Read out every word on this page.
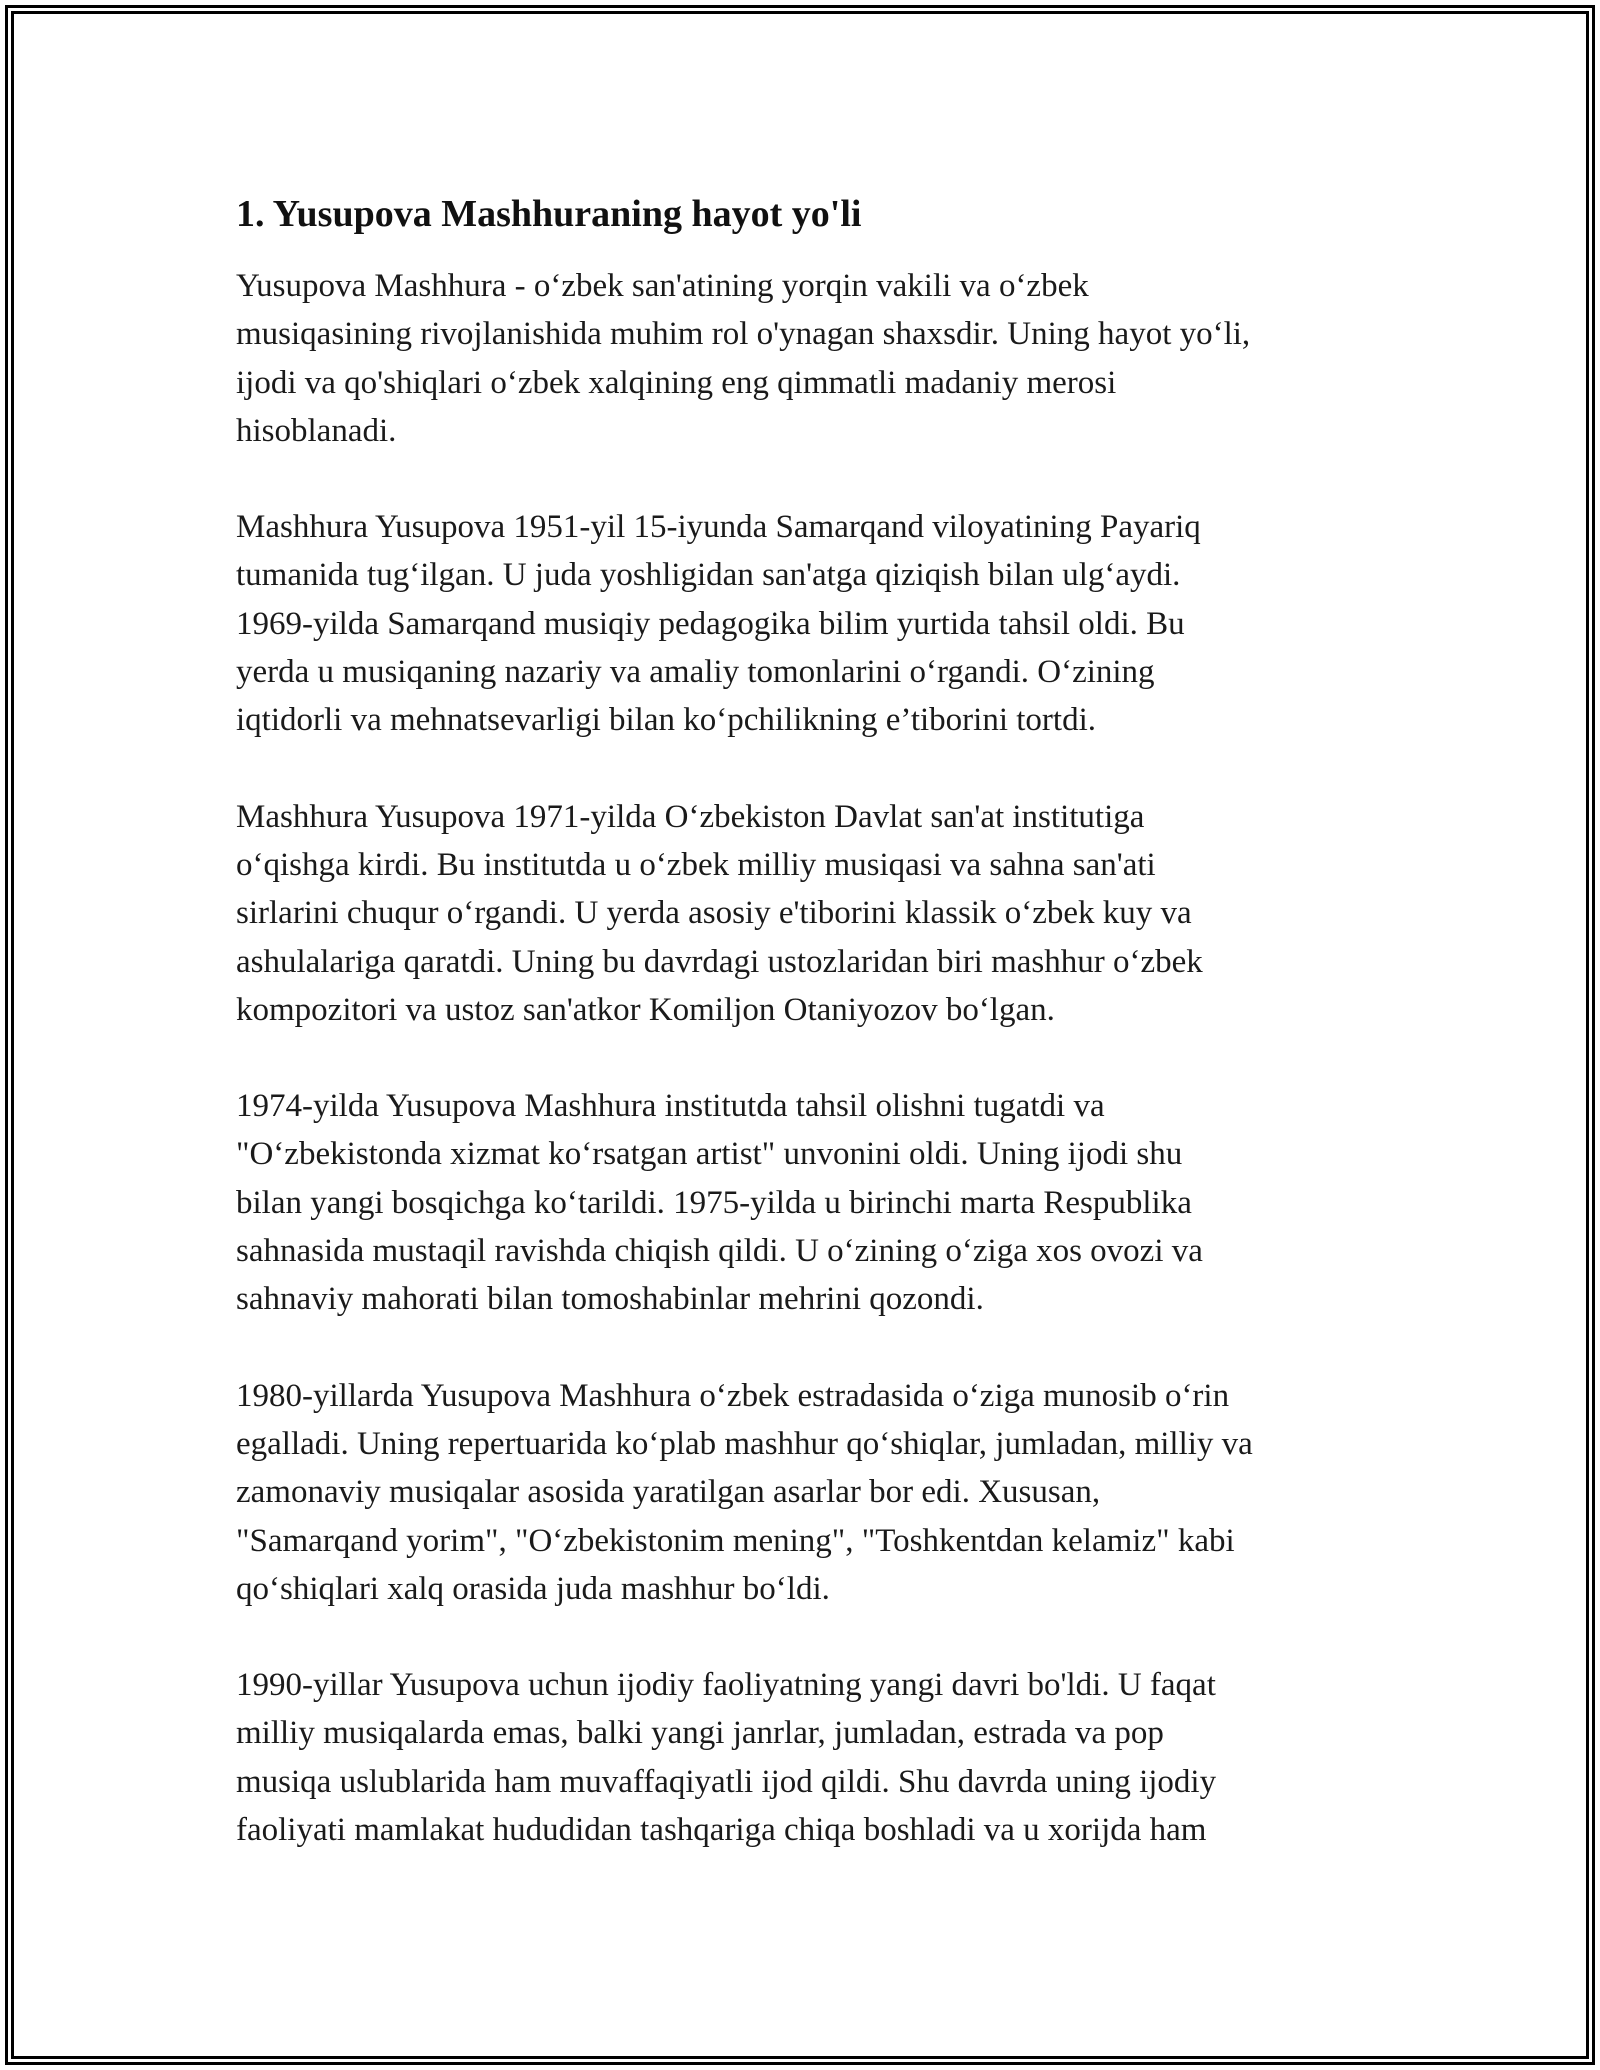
1. Yusupova Mashhuraning hayot yo'li

Yusupova Mashhura - o‘zbek san'atining yorqin vakili va o‘zbek
musiqasining rivojlanishida muhim rol o'ynagan shaxsdir. Uning hayot yo‘li,
ijodi va qo'shiqlari o‘zbek xalqining eng qimmatli madaniy merosi
hisoblanadi.

Mashhura Yusupova 1951-yil 15-iyunda Samarqand viloyatining Payariq
tumanida tug‘ilgan. U juda yoshligidan san'atga qiziqish bilan ulg‘aydi.
1969-yilda Samarqand musiqiy pedagogika bilim yurtida tahsil oldi. Bu
yerda u musiqaning nazariy va amaliy tomonlarini o‘rgandi. O‘zining
iqtidorli va mehnatsevarligi bilan ko‘pchilikning e’tiborini tortdi.

Mashhura Yusupova 1971-yilda O‘zbekiston Davlat san'at institutiga
o‘qishga kirdi. Bu institutda u o‘zbek milliy musiqasi va sahna san'ati
sirlarini chuqur o‘rgandi. U yerda asosiy e'tiborini klassik o‘zbek kuy va
ashulalariga qaratdi. Uning bu davrdagi ustozlaridan biri mashhur o‘zbek
kompozitori va ustoz san'atkor Komiljon Otaniyozov bo‘lgan.

1974-yilda Yusupova Mashhura institutda tahsil olishni tugatdi va
"O‘zbekistonda xizmat ko‘rsatgan artist" unvonini oldi. Uning ijodi shu
bilan yangi bosqichga ko‘tarildi. 1975-yilda u birinchi marta Respublika
sahnasida mustaqil ravishda chiqish qildi. U o‘zining o‘ziga xos ovozi va
sahnaviy mahorati bilan tomoshabinlar mehrini qozondi.

1980-yillarda Yusupova Mashhura o‘zbek estradasida o‘ziga munosib o‘rin
egalladi. Uning repertuarida ko‘plab mashhur qo‘shiqlar, jumladan, milliy va
zamonaviy musiqalar asosida yaratilgan asarlar bor edi. Xususan,
"Samarqand yorim", "O‘zbekistonim mening", "Toshkentdan kelamiz" kabi
qo‘shiqlari xalq orasida juda mashhur bo‘ldi.

1990-yillar Yusupova uchun ijodiy faoliyatning yangi davri bo'ldi. U faqat
milliy musiqalarda emas, balki yangi janrlar, jumladan, estrada va pop
musiqa uslublarida ham muvaffaqiyatli ijod qildi. Shu davrda uning ijodiy
faoliyati mamlakat hududidan tashqariga chiqa boshladi va u xorijda ham
